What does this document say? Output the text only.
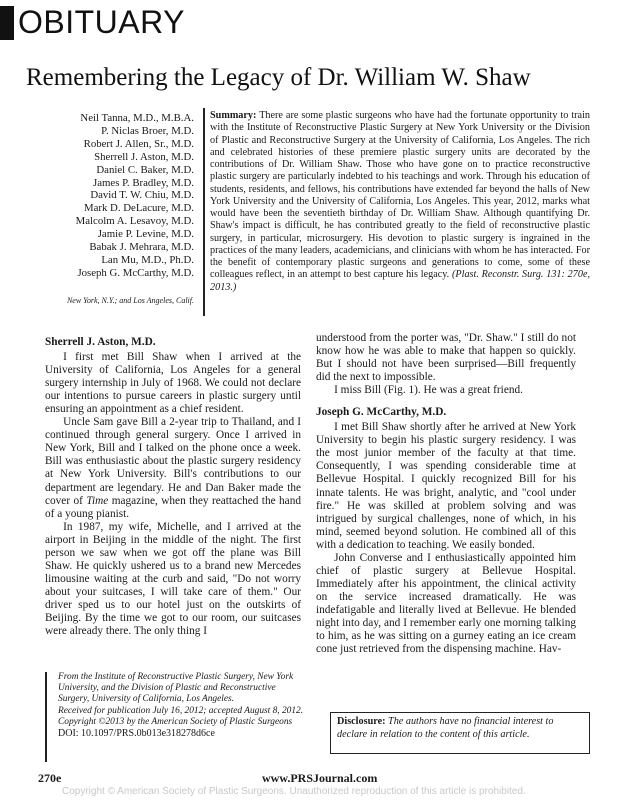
OBITUARY
Remembering the Legacy of Dr. William W. Shaw
Neil Tanna, M.D., M.B.A.
P. Niclas Broer, M.D.
Robert J. Allen, Sr., M.D.
Sherrell J. Aston, M.D.
Daniel C. Baker, M.D.
James P. Bradley, M.D.
David T. W. Chiu, M.D.
Mark D. DeLacure, M.D.
Malcolm A. Lesavoy, M.D.
Jamie P. Levine, M.D.
Babak J. Mehrara, M.D.
Lan Mu, M.D., Ph.D.
Joseph G. McCarthy, M.D.
New York, N.Y.; and Los Angeles, Calif.
Summary: There are some plastic surgeons who have had the fortunate opportunity to train with the Institute of Reconstructive Plastic Surgery at New York University or the Division of Plastic and Reconstructive Surgery at the University of California, Los Angeles. The rich and celebrated histories of these premiere plastic surgery units are decorated by the contributions of Dr. William Shaw. Those who have gone on to practice reconstructive plastic surgery are particularly indebted to his teachings and work. Through his education of students, residents, and fellows, his contributions have extended far beyond the halls of New York University and the University of California, Los Angeles. This year, 2012, marks what would have been the seventieth birthday of Dr. William Shaw. Although quantifying Dr. Shaw's impact is difficult, he has contributed greatly to the field of reconstructive plastic surgery, in particular, microsurgery. His devotion to plastic surgery is ingrained in the practices of the many leaders, academicians, and clinicians with whom he has interacted. For the benefit of contemporary plastic surgeons and generations to come, some of these colleagues reflect, in an attempt to best capture his legacy. (Plast. Reconstr. Surg. 131: 270e, 2013.)
Sherrell J. Aston, M.D.

I first met Bill Shaw when I arrived at the University of California, Los Angeles for a general surgery internship in July of 1968. We could not declare our intentions to pursue careers in plastic surgery until ensuring an appointment as a chief resident.

Uncle Sam gave Bill a 2-year trip to Thailand, and I continued through general surgery. Once I arrived in New York, Bill and I talked on the phone once a week. Bill was enthusiastic about the plastic surgery residency at New York University. Bill's contributions to our department are legendary. He and Dan Baker made the cover of Time magazine, when they reattached the hand of a young pianist.

In 1987, my wife, Michelle, and I arrived at the airport in Beijing in the middle of the night. The first person we saw when we got off the plane was Bill Shaw. He quickly ushered us to a brand new Mercedes limousine waiting at the curb and said, "Do not worry about your suitcases, I will take care of them." Our driver sped us to our hotel just on the outskirts of Beijing. By the time we got to our room, our suitcases were already there. The only thing I

understood from the porter was, "Dr. Shaw." I still do not know how he was able to make that happen so quickly. But I should not have been surprised—Bill frequently did the next to impossible.

I miss Bill (Fig. 1). He was a great friend.

Joseph G. McCarthy, M.D.

I met Bill Shaw shortly after he arrived at New York University to begin his plastic surgery residency. I was the most junior member of the faculty at that time. Consequently, I was spending considerable time at Bellevue Hospital. I quickly recognized Bill for his innate talents. He was bright, analytic, and "cool under fire." He was skilled at problem solving and was intrigued by surgical challenges, none of which, in his mind, seemed beyond solution. He combined all of this with a dedication to teaching. We easily bonded.

John Converse and I enthusiastically appointed him chief of plastic surgery at Bellevue Hospital. Immediately after his appointment, the clinical activity on the service increased dramatically. He was indefatigable and literally lived at Bellevue. He blended night into day, and I remember early one morning talking to him, as he was sitting on a gurney eating an ice cream cone just retrieved from the dispensing machine. Hav-

From the Institute of Reconstructive Plastic Surgery, New York University, and the Division of Plastic and Reconstructive Surgery, University of California, Los Angeles.
Received for publication July 16, 2012; accepted August 8, 2012.
Copyright ©2013 by the American Society of Plastic Surgeons
DOI: 10.1097/PRS.0b013e318278d6ce
Disclosure: The authors have no financial interest to declare in relation to the content of this article.
270e	www.PRSJournal.com
Copyright © American Society of Plastic Surgeons. Unauthorized reproduction of this article is prohibited.
